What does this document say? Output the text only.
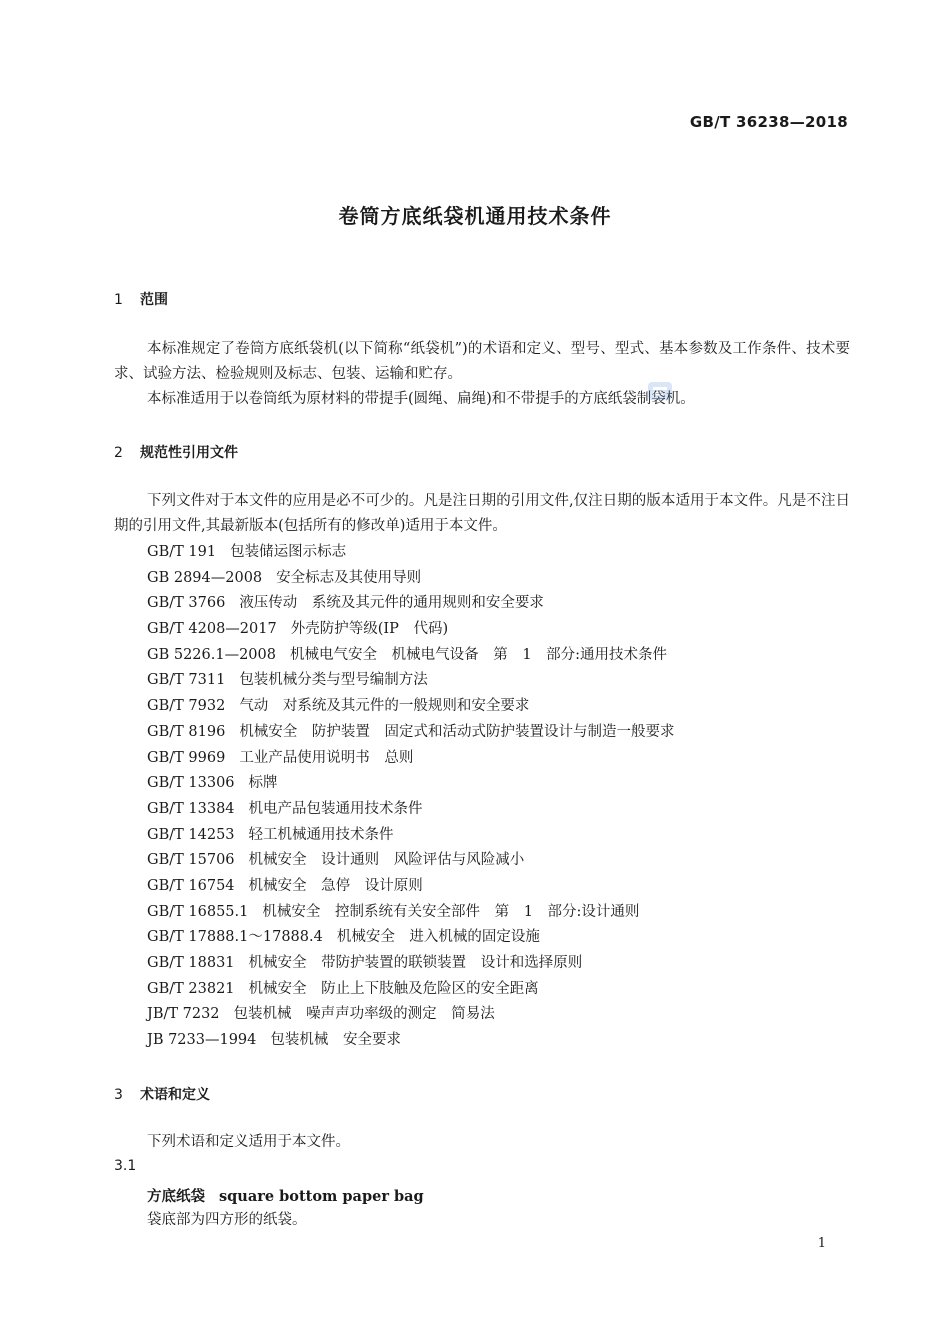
GB/T 36238—2018
卷筒方底纸袋机通用技术条件
1 范围
本标准规定了卷筒方底纸袋机(以下简称“纸袋机”)的术语和定义、型号、型式、基本参数及工作条件、技术要求、试验方法、检验规则及标志、包装、运输和贮存。
本标准适用于以卷筒纸为原材料的带提手(圆绳、扁绳)和不带提手的方底纸袋制袋机。
2 规范性引用文件
下列文件对于本文件的应用是必不可少的。凡是注日期的引用文件,仅注日期的版本适用于本文件。凡是不注日期的引用文件,其最新版本(包括所有的修改单)适用于本文件。
GB/T 191 包装储运图示标志
GB 2894—2008 安全标志及其使用导则
GB/T 3766 液压传动 系统及其元件的通用规则和安全要求
GB/T 4208—2017 外壳防护等级(IP 代码)
GB 5226.1—2008 机械电气安全 机械电气设备 第 1 部分:通用技术条件
GB/T 7311 包装机械分类与型号编制方法
GB/T 7932 气动 对系统及其元件的一般规则和安全要求
GB/T 8196 机械安全 防护装置 固定式和活动式防护装置设计与制造一般要求
GB/T 9969 工业产品使用说明书 总则
GB/T 13306 标牌
GB/T 13384 机电产品包装通用技术条件
GB/T 14253 轻工机械通用技术条件
GB/T 15706 机械安全 设计通则 风险评估与风险减小
GB/T 16754 机械安全 急停 设计原则
GB/T 16855.1 机械安全 控制系统有关安全部件 第 1 部分:设计通则
GB/T 17888.1～17888.4 机械安全 进入机械的固定设施
GB/T 18831 机械安全 带防护装置的联锁装置 设计和选择原则
GB/T 23821 机械安全 防止上下肢触及危险区的安全距离
JB/T 7232 包装机械 噪声声功率级的测定 简易法
JB 7233—1994 包装机械 安全要求
3 术语和定义
下列术语和定义适用于本文件。
3.1
方底纸袋 square bottom paper bag
袋底部为四方形的纸袋。
1
